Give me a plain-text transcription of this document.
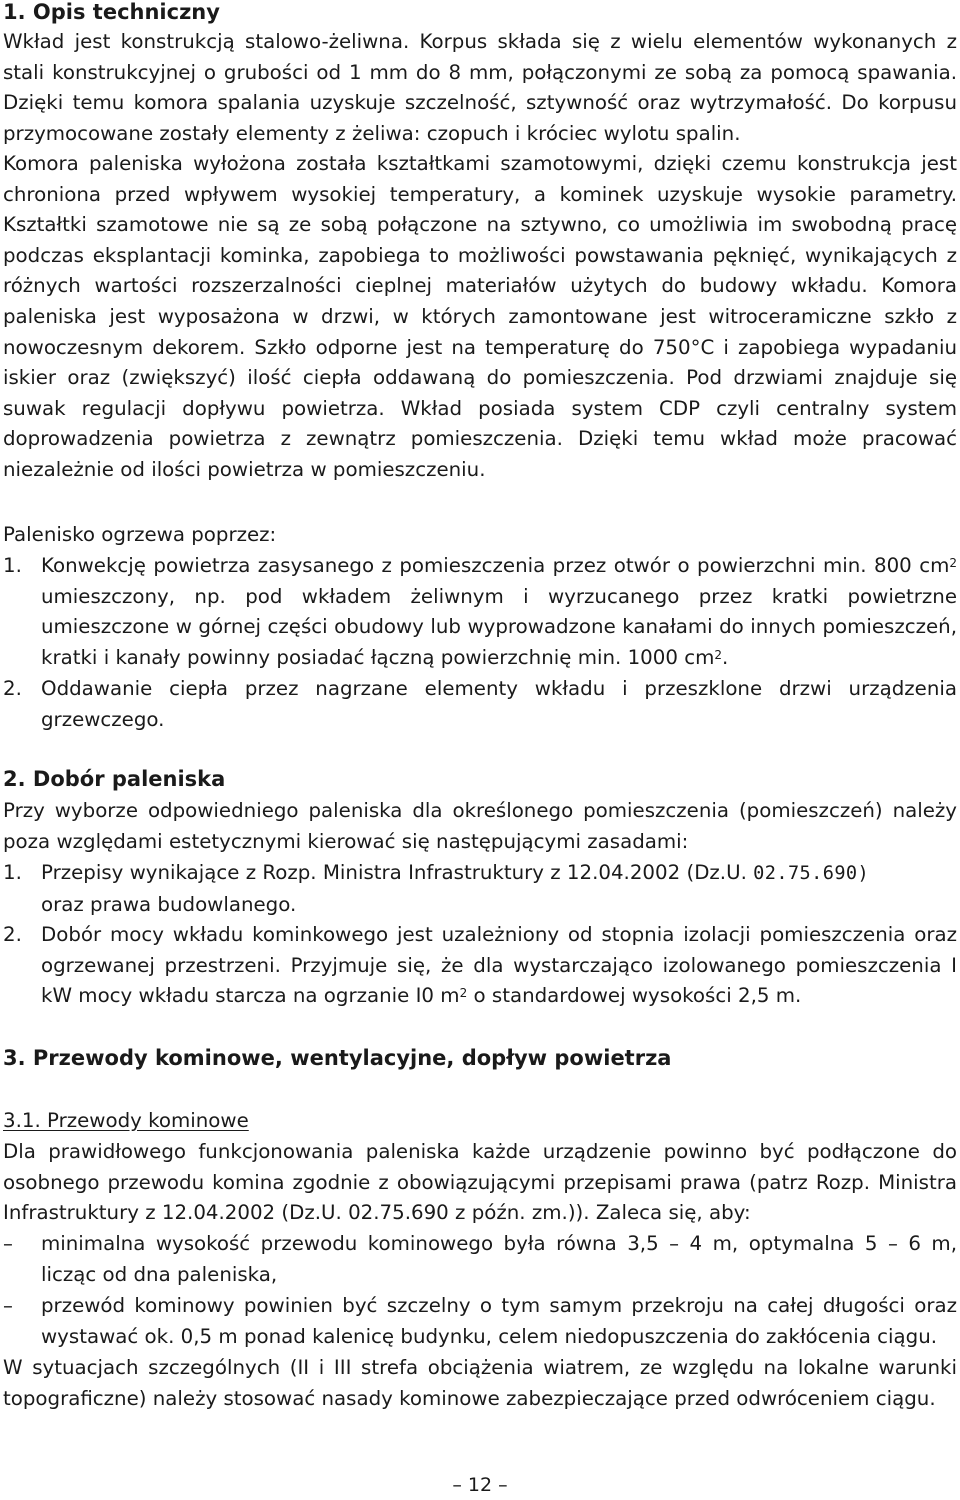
1. Opis techniczny

Wkład jest konstrukcją stalowo-żeliwna. Korpus składa się z wielu elementów wykonanych z stali konstrukcyjnej o grubości od 1 mm do 8 mm, połączonymi ze sobą za pomocą spawania. Dzięki temu komora spalania uzyskuje szczelność, sztywność oraz wytrzymałość. Do korpusu przymocowane zostały elementy z żeliwa: czopuch i króciec wylotu spalin.

Komora paleniska wyłożona została kształtkami szamotowymi, dzięki czemu konstrukcja jest chroniona przed wpływem wysokiej temperatury, a kominek uzyskuje wysokie parametry. Kształtki szamotowe nie są ze sobą połączone na sztywno, co umożliwia im swobodną pracę podczas eksplantacji kominka, zapobiega to możliwości powstawania pęknięć, wynikających z różnych wartości rozszerzalności cieplnej materiałów użytych do budowy wkładu. Komora paleniska jest wyposażona w drzwi, w których zamontowane jest witroceramiczne szkło z nowoczesnym dekorem. Szkło odporne jest na temperaturę do 750°C i zapobiega wypadaniu iskier oraz (zwiększyć) ilość ciepła oddawaną do pomieszczenia. Pod drzwiami znajduje się suwak regulacji dopływu powietrza. Wkład posiada system CDP czyli centralny system doprowadzenia powietrza z zewnątrz pomieszczenia. Dzięki temu wkład może pracować niezależnie od ilości powietrza w pomieszczeniu.

Palenisko ogrzewa poprzez:

1. Konwekcję powietrza zasysanego z pomieszczenia przez otwór o powierzchni min. 800 $cm^2$ umieszczony, np. pod wkładem żeliwnym i wyrzucanego przez kratki powietrzne umieszczone w górnej części obudowy lub wyprowadzone kanałami do innych pomieszczeń, kratki i kanały powinny posiadać łączną powierzchnię min. 1000 $cm^2$.
2. Oddawanie ciepła przez nagrzane elementy wkładu i przeszklone drzwi urządzenia grzewczego.
2. Dobór paleniska

Przy wyborze odpowiedniego paleniska dla określonego pomieszczenia (pomieszczeń) należy poza względami estetycznymi kierować się następującymi zasadami:

1. Przepisy wynikające z Rozp. Ministra Infrastruktury z 12.04.2002 (Dz.U. 02.75.690)
oraz prawa budowlanego.
2. Dobór mocy wkładu kominkowego jest uzależniony od stopnia izolacji pomieszczenia oraz ogrzewanej przestrzeni. Przyjmuje się, że dla wystarczająco izolowanego pomieszczenia I kW mocy wkładu starcza na ogrzanie I0 $m^2$ o standardowej wysokości 2,5 m.
3. Przewody kominowe, wentylacyjne, dopływ powietrza
3.1. Przewody kominowe

Dla prawidłowego funkcjonowania paleniska każde urządzenie powinno być podłączone do osobnego przewodu komina zgodnie z obowiązującymi przepisami prawa (patrz Rozp. Ministra Infrastruktury z 12.04.2002 (Dz.U. 02.75.690 z późn. zm.)). Zaleca się, aby:

– minimalna wysokość przewodu kominowego była równa 3,5 – 4 m, optymalna 5 – 6 m, licząc od dna paleniska,
– przewód kominowy powinien być szczelny o tym samym przekroju na całej długości oraz wystawać ok. 0,5 m ponad kalenicę budynku, celem niedopuszczenia do zakłócenia ciągu.

W sytuacjach szczególnych (II i III strefa obciążenia wiatrem, ze względu na lokalne warunki topograficzne) należy stosować nasady kominowe zabezpieczające przed odwróceniem ciągu.

– 12 –
